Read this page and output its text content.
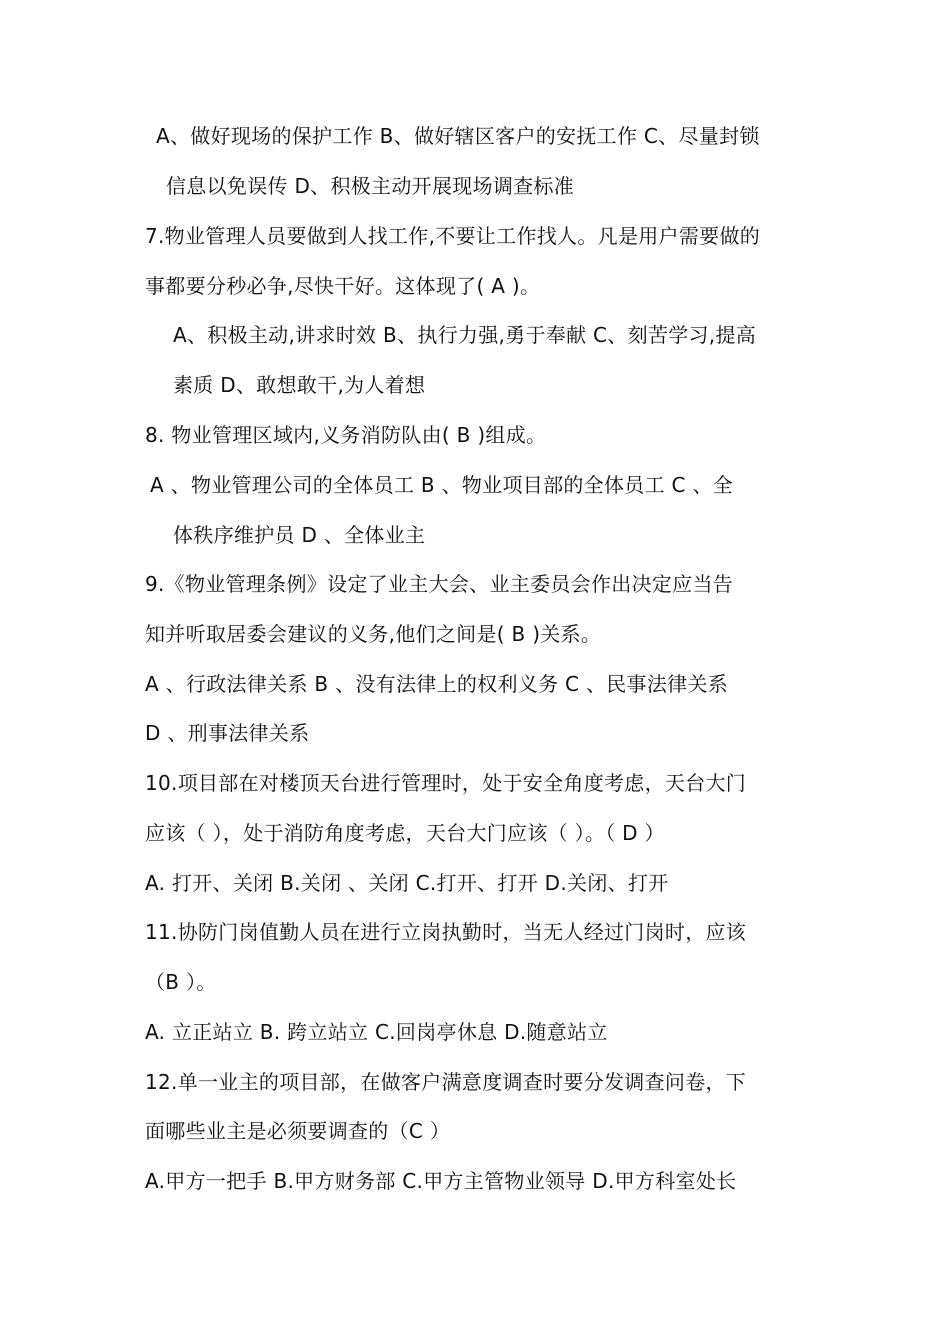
A、做好现场的保护工作 B、做好辖区客户的安抚工作 C、尽量封锁
信息以免误传 D、积极主动开展现场调查标准
7.物业管理人员要做到人找工作,不要让工作找人。凡是用户需要做的
事都要分秒必争,尽快干好。这体现了( A )。
A、积极主动,讲求时效 B、执行力强,勇于奉献 C、刻苦学习,提高
素质 D、敢想敢干,为人着想
8. 物业管理区域内,义务消防队由( B )组成。
A 、物业管理公司的全体员工 B 、物业项目部的全体员工 C 、全
体秩序维护员 D 、全体业主
9.《物业管理条例》设定了业主大会、业主委员会作出决定应当告
知并听取居委会建议的义务,他们之间是( B )关系。
A 、行政法律关系 B 、没有法律上的权利义务 C 、民事法律关系
D 、刑事法律关系
10.项目部在对楼顶天台进行管理时，处于安全角度考虑，天台大门
应该（ ），处于消防角度考虑，天台大门应该（ ）。（ D ）
A. 打开、关闭 B.关闭 、关闭 C.打开、打开 D.关闭、打开
11.协防门岗值勤人员在进行立岗执勤时，当无人经过门岗时，应该
（B ）。
A. 立正站立 B. 跨立站立 C.回岗亭休息 D.随意站立
12.单一业主的项目部，在做客户满意度调查时要分发调查问卷，下
面哪些业主是必须要调查的（C ）
A.甲方一把手 B.甲方财务部 C.甲方主管物业领导 D.甲方科室处长
